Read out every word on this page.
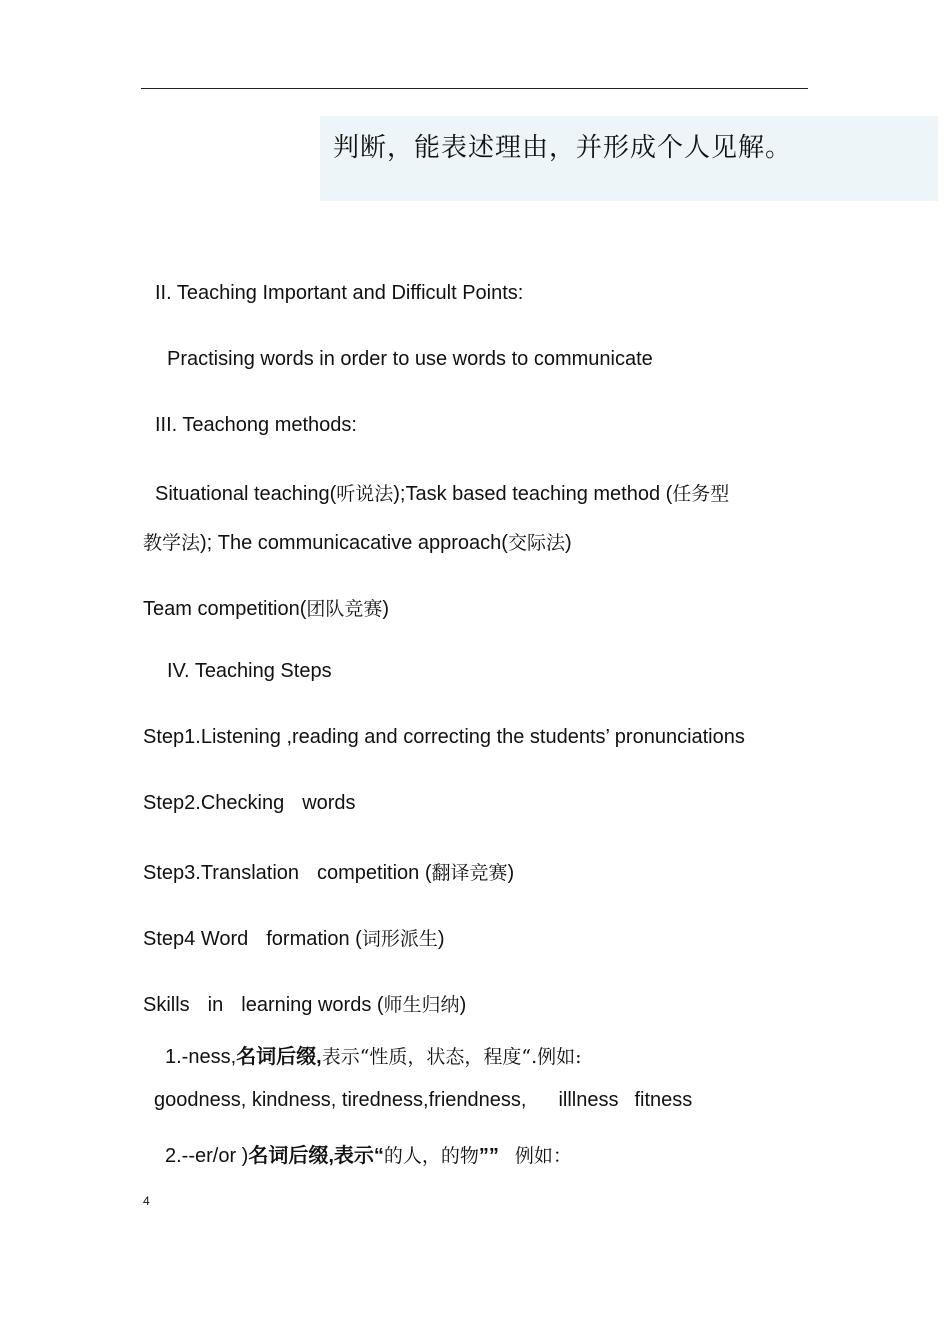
判断，能表述理由，并形成个人见解。
II. Teaching Important and Difficult Points:
Practising words in order to use words to communicate
III. Teachong methods:
Situational teaching(听说法);Task based teaching method (任务型
教学法); The communicacative approach(交际法)
Team competition(团队竞赛)
IV. Teaching Steps
Step1.Listening ,reading and correcting the students’ pronunciations
Step2.Checking words
Step3.Translation competition (翻译竞赛)
Step4 Word formation (词形派生)
Skills in learning words (师生归纳)
1.-ness,名词后缀,表示“性质，状态，程度“.例如:
goodness, kindness, tiredness,friendness, illlness fitness
2.--er/or )名词后缀,表示“的人，的物”” 例如：
4
